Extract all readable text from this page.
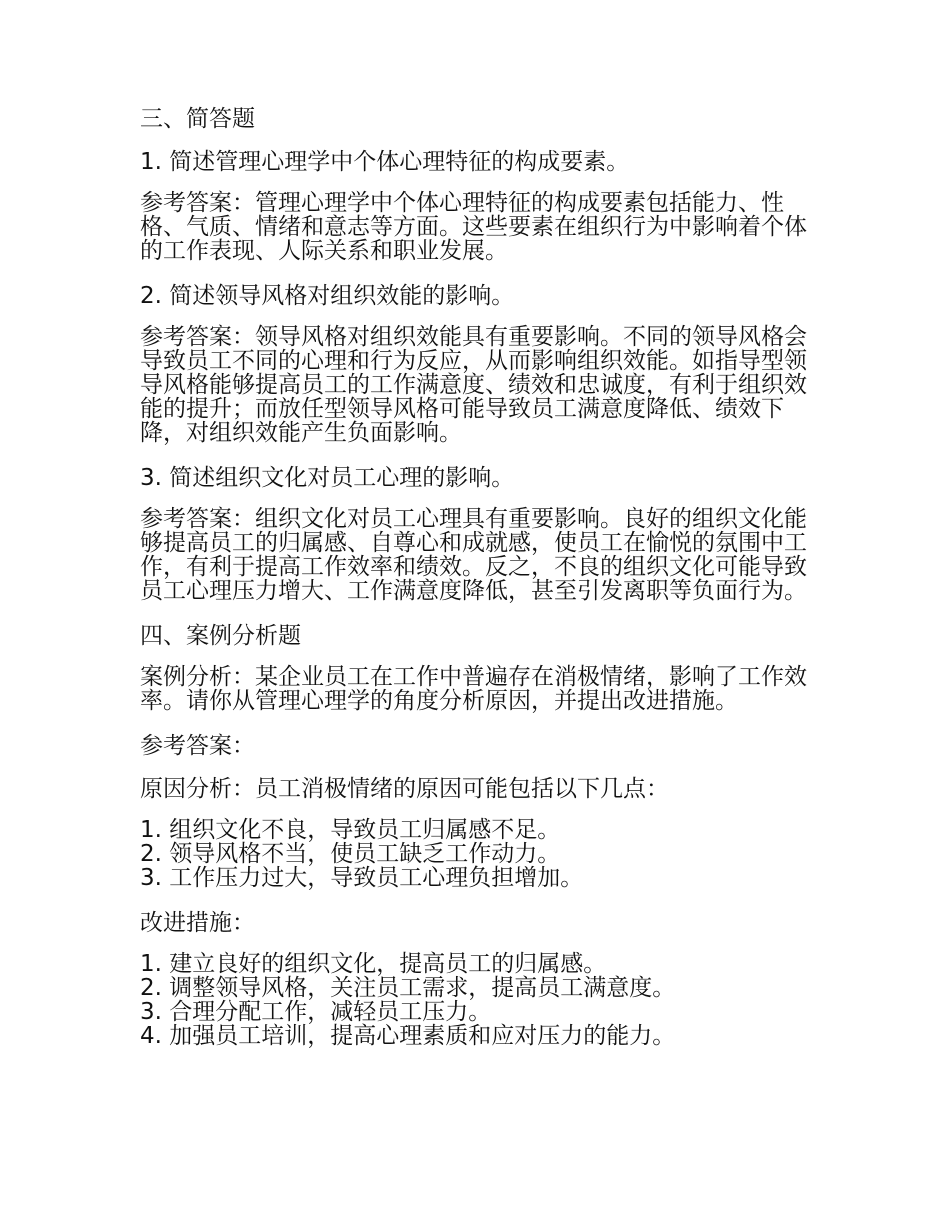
三、简答题
1. 简述管理心理学中个体心理特征的构成要素。

参考答案：管理心理学中个体心理特征的构成要素包括能力、性格、气质、情绪和意志等方面。这些要素在组织行为中影响着个体的工作表现、人际关系和职业发展。

2. 简述领导风格对组织效能的影响。

参考答案：领导风格对组织效能具有重要影响。不同的领导风格会导致员工不同的心理和行为反应，从而影响组织效能。如指导型领导风格能够提高员工的工作满意度、绩效和忠诚度，有利于组织效能的提升；而放任型领导风格可能导致员工满意度降低、绩效下降，对组织效能产生负面影响。

3. 简述组织文化对员工心理的影响。

参考答案：组织文化对员工心理具有重要影响。良好的组织文化能够提高员工的归属感、自尊心和成就感，使员工在愉悦的氛围中工作，有利于提高工作效率和绩效。反之，不良的组织文化可能导致员工心理压力增大、工作满意度降低，甚至引发离职等负面行为。

四、案例分析题

案例分析：某企业员工在工作中普遍存在消极情绪，影响了工作效率。请你从管理心理学的角度分析原因，并提出改进措施。

参考答案：
原因分析：员工消极情绪的原因可能包括以下几点：
1. 组织文化不良，导致员工归属感不足。
2. 领导风格不当，使员工缺乏工作动力。
3. 工作压力过大，导致员工心理负担增加。
改进措施：
1. 建立良好的组织文化，提高员工的归属感。
2. 调整领导风格，关注员工需求，提高员工满意度。
3. 合理分配工作，减轻员工压力。
4. 加强员工培训，提高心理素质和应对压力的能力。
